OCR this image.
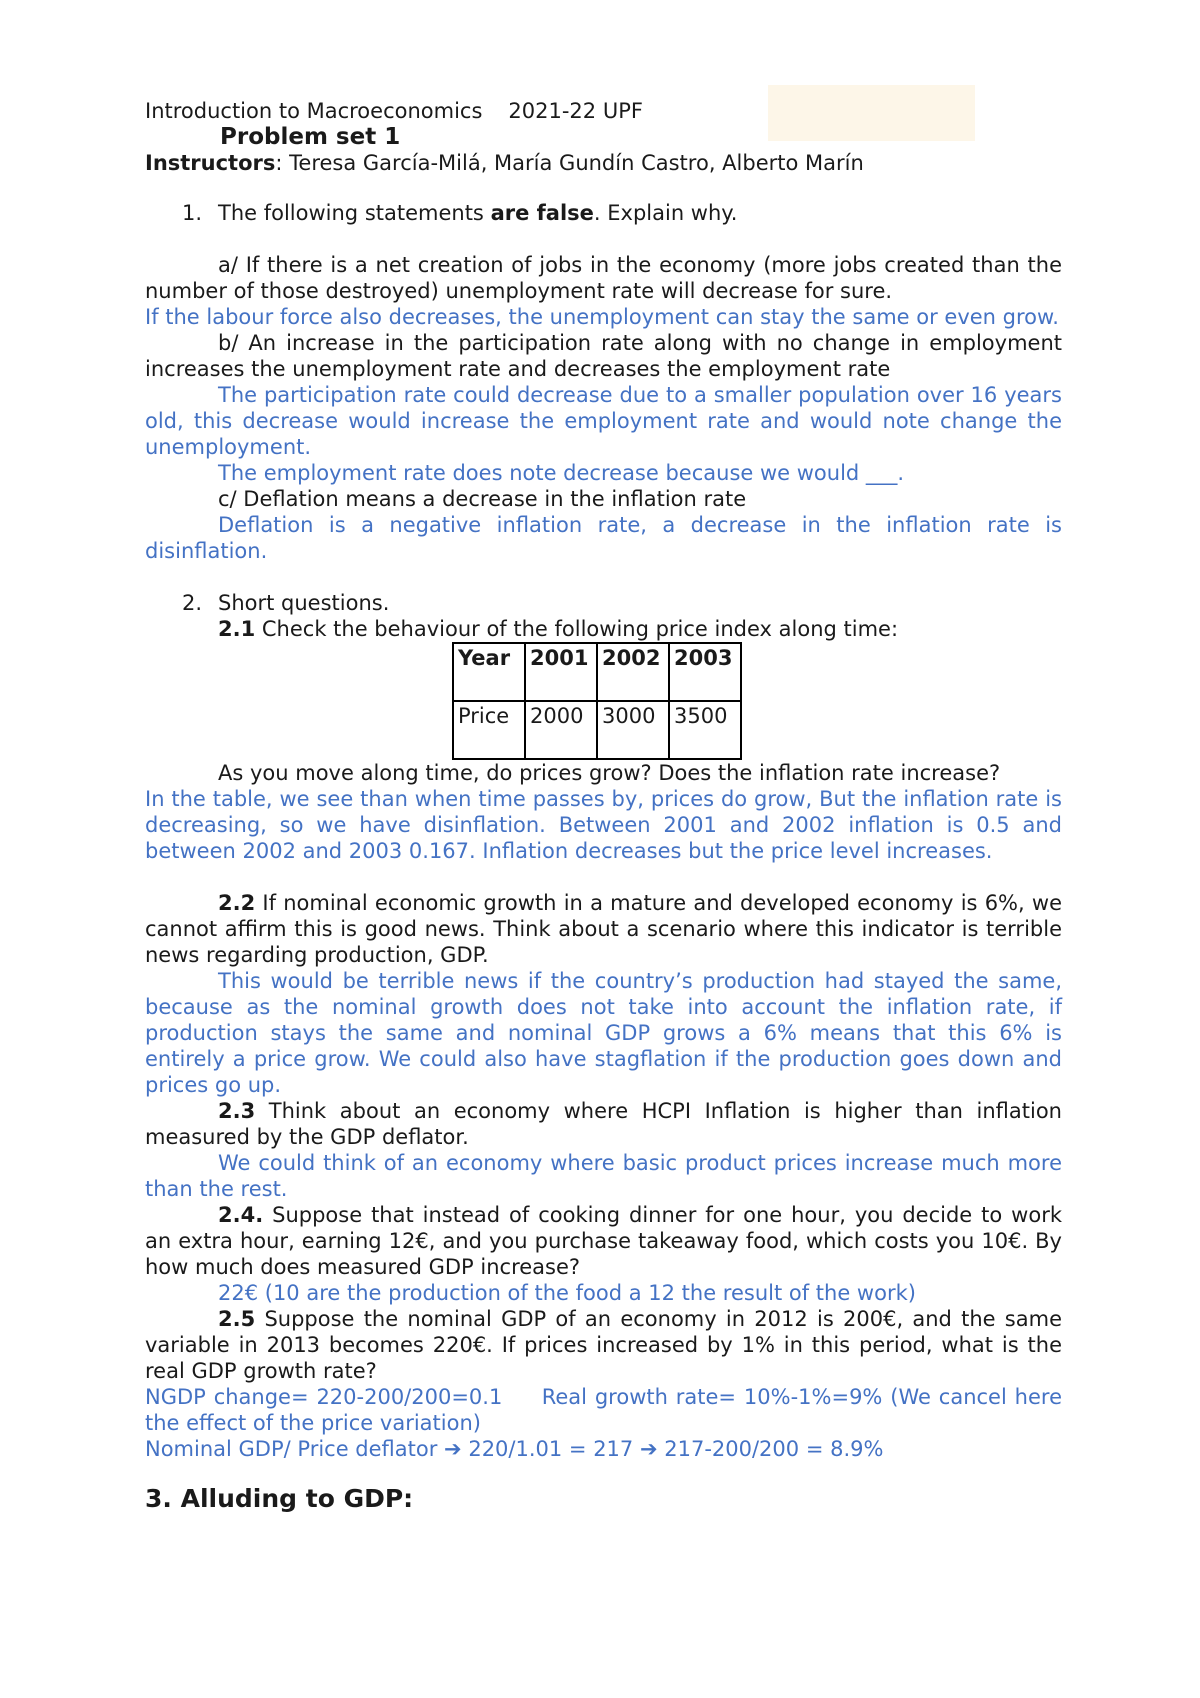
Introduction to Macroeconomics 2021-22 UPF
Problem set 1
Instructors: Teresa García-Milá, María Gundín Castro, Alberto Marín
1. The following statements are false. Explain why.

a/ If there is a net creation of jobs in the economy (more jobs created than the number of those destroyed) unemployment rate will decrease for sure.

If the labour force also decreases, the unemployment can stay the same or even grow.

b/ An increase in the participation rate along with no change in employment increases the unemployment rate and decreases the employment rate

The participation rate could decrease due to a smaller population over 16 years old, this decrease would increase the employment rate and would note change the unemployment.

The employment rate does note decrease because we would ___.

c/ Deflation means a decrease in the inflation rate

Deflation is a negative inflation rate, a decrease in the inflation rate is disinflation.

2. Short questions.

2.1 Check the behaviour of the following price index along time:

Year	2001	2002	2003
Price	2000	3000	3500

As you move along time, do prices grow? Does the inflation rate increase?

In the table, we see than when time passes by, prices do grow, But the inflation rate is decreasing, so we have disinflation. Between 2001 and 2002 inflation is 0.5 and between 2002 and 2003 0.167. Inflation decreases but the price level increases.

2.2 If nominal economic growth in a mature and developed economy is 6%, we cannot affirm this is good news. Think about a scenario where this indicator is terrible news regarding production, GDP.

This would be terrible news if the country’s production had stayed the same, because as the nominal growth does not take into account the inflation rate, if production stays the same and nominal GDP grows a 6% means that this 6% is entirely a price grow. We could also have stagflation if the production goes down and prices go up.

2.3 Think about an economy where HCPI Inflation is higher than inflation measured by the GDP deflator.

We could think of an economy where basic product prices increase much more than the rest.

2.4. Suppose that instead of cooking dinner for one hour, you decide to work an extra hour, earning 12€, and you purchase takeaway food, which costs you 10€. By how much does measured GDP increase?

22€ (10 are the production of the food a 12 the result of the work)

2.5 Suppose the nominal GDP of an economy in 2012 is 200€, and the same variable in 2013 becomes 220€. If prices increased by 1% in this period, what is the real GDP growth rate?

NGDP change= 220-200/200=0.1     Real growth rate= 10%-1%=9% (We cancel here the effect of the price variation)

Nominal GDP/ Price deflator ➔ 220/1.01 = 217 ➔ 217-200/200 = 8.9%

3. Alluding to GDP:
